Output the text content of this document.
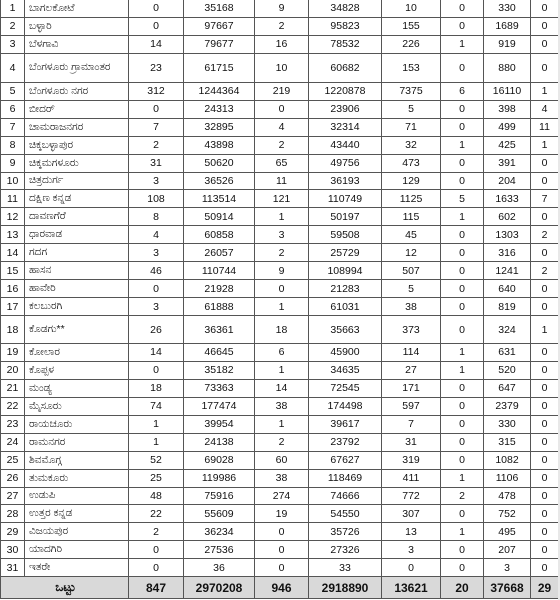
1	ಬಾಗಲಕೋಟೆ	0	35168	9	34828	10	0	330	0
2	ಬಳ್ಳಾರಿ	0	97667	2	95823	155	0	1689	0
3	ಬೆಳಗಾವಿ	14	79677	16	78532	226	1	919	0
4	ಬೆಂಗಳೂರು ಗ್ರಾಮಾಂತರ	23	61715	10	60682	153	0	880	0
5	ಬೆಂಗಳೂರು ನಗರ	312	1244364	219	1220878	7375	6	16110	1
6	ಬೀದರ್	0	24313	0	23906	5	0	398	4
7	ಚಾಮರಾಜನಗರ	7	32895	4	32314	71	0	499	11
8	ಚಿಕ್ಕಬಳ್ಳಾಪುರ	2	43898	2	43440	32	1	425	1
9	ಚಿಕ್ಕಮಗಳೂರು	31	50620	65	49756	473	0	391	0
10	ಚಿತ್ರದುರ್ಗ	3	36526	11	36193	129	0	204	0
11	ದಕ್ಷಿಣ ಕನ್ನಡ	108	113514	121	110749	1125	5	1633	7
12	ದಾವಣಗೆರೆ	8	50914	1	50197	115	1	602	0
13	ಧಾರವಾಡ	4	60858	3	59508	45	0	1303	2
14	ಗದಗ	3	26057	2	25729	12	0	316	0
15	ಹಾಸನ	46	110744	9	108994	507	0	1241	2
16	ಹಾವೇರಿ	0	21928	0	21283	5	0	640	0
17	ಕಲಬುರಗಿ	3	61888	1	61031	38	0	819	0
18	ಕೊಡಗು**	26	36361	18	35663	373	0	324	1
19	ಕೋಲಾರ	14	46645	6	45900	114	1	631	0
20	ಕೊಪ್ಪಳ	0	35182	1	34635	27	1	520	0
21	ಮಂಡ್ಯ	18	73363	14	72545	171	0	647	0
22	ಮೈಸೂರು	74	177474	38	174498	597	0	2379	0
23	ರಾಯಚೂರು	1	39954	1	39617	7	0	330	0
24	ರಾಮನಗರ	1	24138	2	23792	31	0	315	0
25	ಶಿವಮೊಗ್ಗ	52	69028	60	67627	319	0	1082	0
26	ತುಮಕೂರು	25	119986	38	118469	411	1	1106	0
27	ಉಡುಪಿ	48	75916	274	74666	772	2	478	0
28	ಉತ್ತರ ಕನ್ನಡ	22	55609	19	54550	307	0	752	0
29	ವಿಜಯಪುರ	2	36234	0	35726	13	1	495	0
30	ಯಾದಗಿರಿ	0	27536	0	27326	3	0	207	0
31	ಇತರೇ	0	36	0	33	0	0	3	0
ಒಟ್ಟು		847	2970208	946	2918890	13621	20	37668	29
